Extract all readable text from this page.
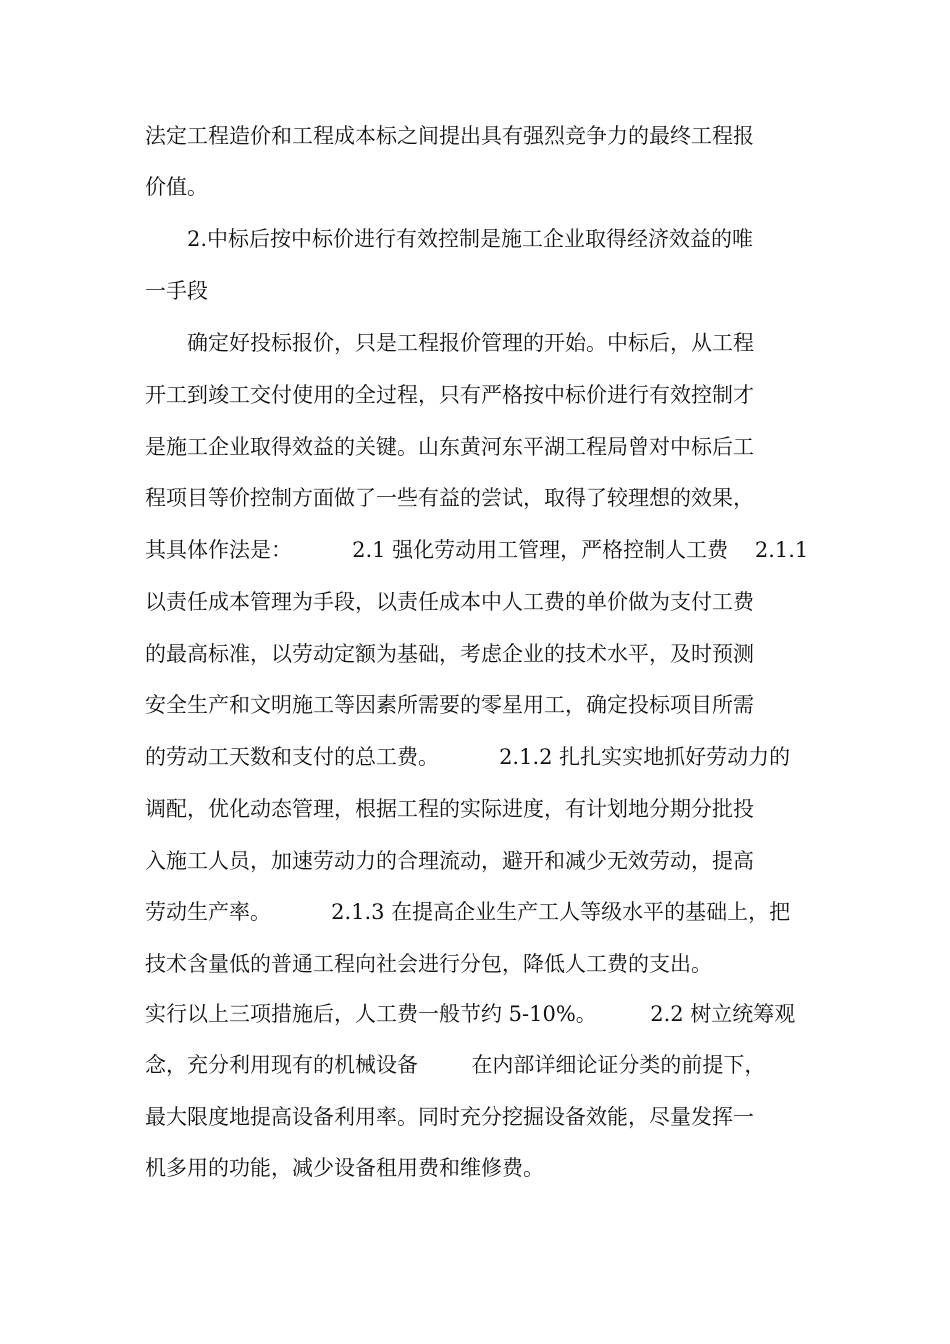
法定工程造价和工程成本标之间提出具有强烈竞争力的最终工程报
价值。
2.中标后按中标价进行有效控制是施工企业取得经济效益的唯
一手段
确定好投标报价，只是工程报价管理的开始。中标后，从工程
开工到竣工交付使用的全过程，只有严格按中标价进行有效控制才
是施工企业取得效益的关键。山东黄河东平湖工程局曾对中标后工
程项目等价控制方面做了一些有益的尝试，取得了较理想的效果，
其具体作法是：         2.1 强化劳动用工管理，严格控制人工费    2.1.1
以责任成本管理为手段，以责任成本中人工费的单价做为支付工费
的最高标准，以劳动定额为基础，考虑企业的技术水平，及时预测
安全生产和文明施工等因素所需要的零星用工，确定投标项目所需
的劳动工天数和支付的总工费。         2.1.2 扎扎实实地抓好劳动力的
调配，优化动态管理，根据工程的实际进度，有计划地分期分批投
入施工人员，加速劳动力的合理流动，避开和减少无效劳动，提高
劳动生产率。         2.1.3 在提高企业生产工人等级水平的基础上，把
技术含量低的普通工程向社会进行分包，降低人工费的支出。
实行以上三项措施后，人工费一般节约 5-10%。        2.2 树立统筹观
念，充分利用现有的机械设备        在内部详细论证分类的前提下，
最大限度地提高设备利用率。同时充分挖掘设备效能，尽量发挥一
机多用的功能，减少设备租用费和维修费。
